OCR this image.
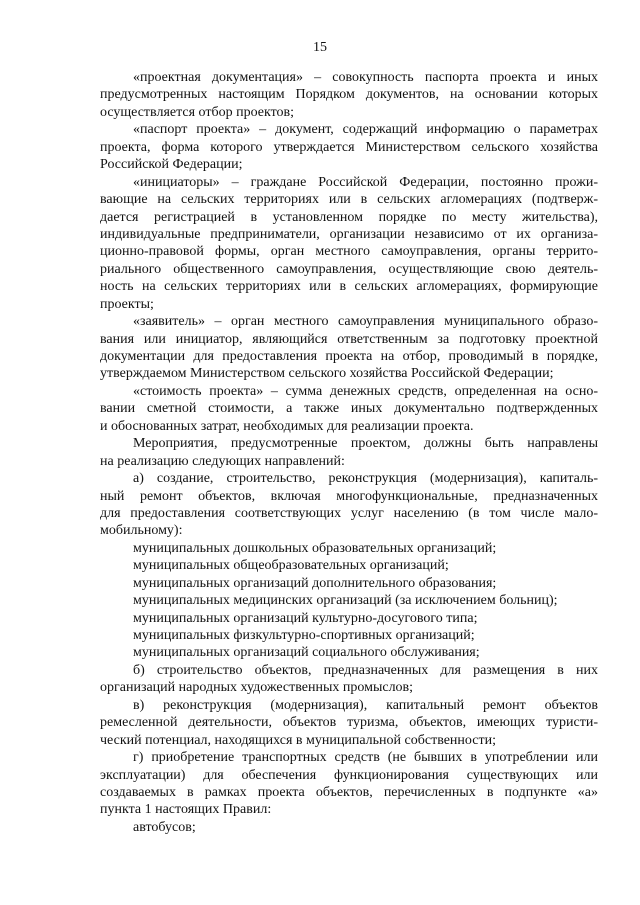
15
«проектная документация» – совокупность паспорта проекта и иных
предусмотренных настоящим Порядком документов, на основании которых
осуществляется отбор проектов;
«паспорт проекта» – документ, содержащий информацию о параметрах
проекта, форма которого утверждается Министерством сельского хозяйства
Российской Федерации;
«инициаторы» – граждане Российской Федерации, постоянно прожи-
вающие на сельских территориях или в сельских агломерациях (подтверж-
дается регистрацией в установленном порядке по месту жительства),
индивидуальные предприниматели, организации независимо от их организа-
ционно-правовой формы, орган местного самоуправления, органы террито-
риального общественного самоуправления, осуществляющие свою деятель-
ность на сельских территориях или в сельских агломерациях, формирующие
проекты;
«заявитель» – орган местного самоуправления муниципального образо-
вания или инициатор, являющийся ответственным за подготовку проектной
документации для предоставления проекта на отбор, проводимый в порядке,
утверждаемом Министерством сельского хозяйства Российской Федерации;
«стоимость проекта» – сумма денежных средств, определенная на осно-
вании сметной стоимости, а также иных документально подтвержденных
и обоснованных затрат, необходимых для реализации проекта.
Мероприятия, предусмотренные проектом, должны быть направлены
на реализацию следующих направлений:
а) создание, строительство, реконструкция (модернизация), капиталь-
ный ремонт объектов, включая многофункциональные, предназначенных
для предоставления соответствующих услуг населению (в том числе мало-
мобильному):
муниципальных дошкольных образовательных организаций;
муниципальных общеобразовательных организаций;
муниципальных организаций дополнительного образования;
муниципальных медицинских организаций (за исключением больниц);
муниципальных организаций культурно-досугового типа;
муниципальных физкультурно-спортивных организаций;
муниципальных организаций социального обслуживания;
б) строительство объектов, предназначенных для размещения в них
организаций народных художественных промыслов;
в) реконструкция (модернизация), капитальный ремонт объектов
ремесленной деятельности, объектов туризма, объектов, имеющих туристи-
ческий потенциал, находящихся в муниципальной собственности;
г) приобретение транспортных средств (не бывших в употреблении или
эксплуатации) для обеспечения функционирования существующих или
создаваемых в рамках проекта объектов, перечисленных в подпункте «а»
пункта 1 настоящих Правил:
автобусов;
